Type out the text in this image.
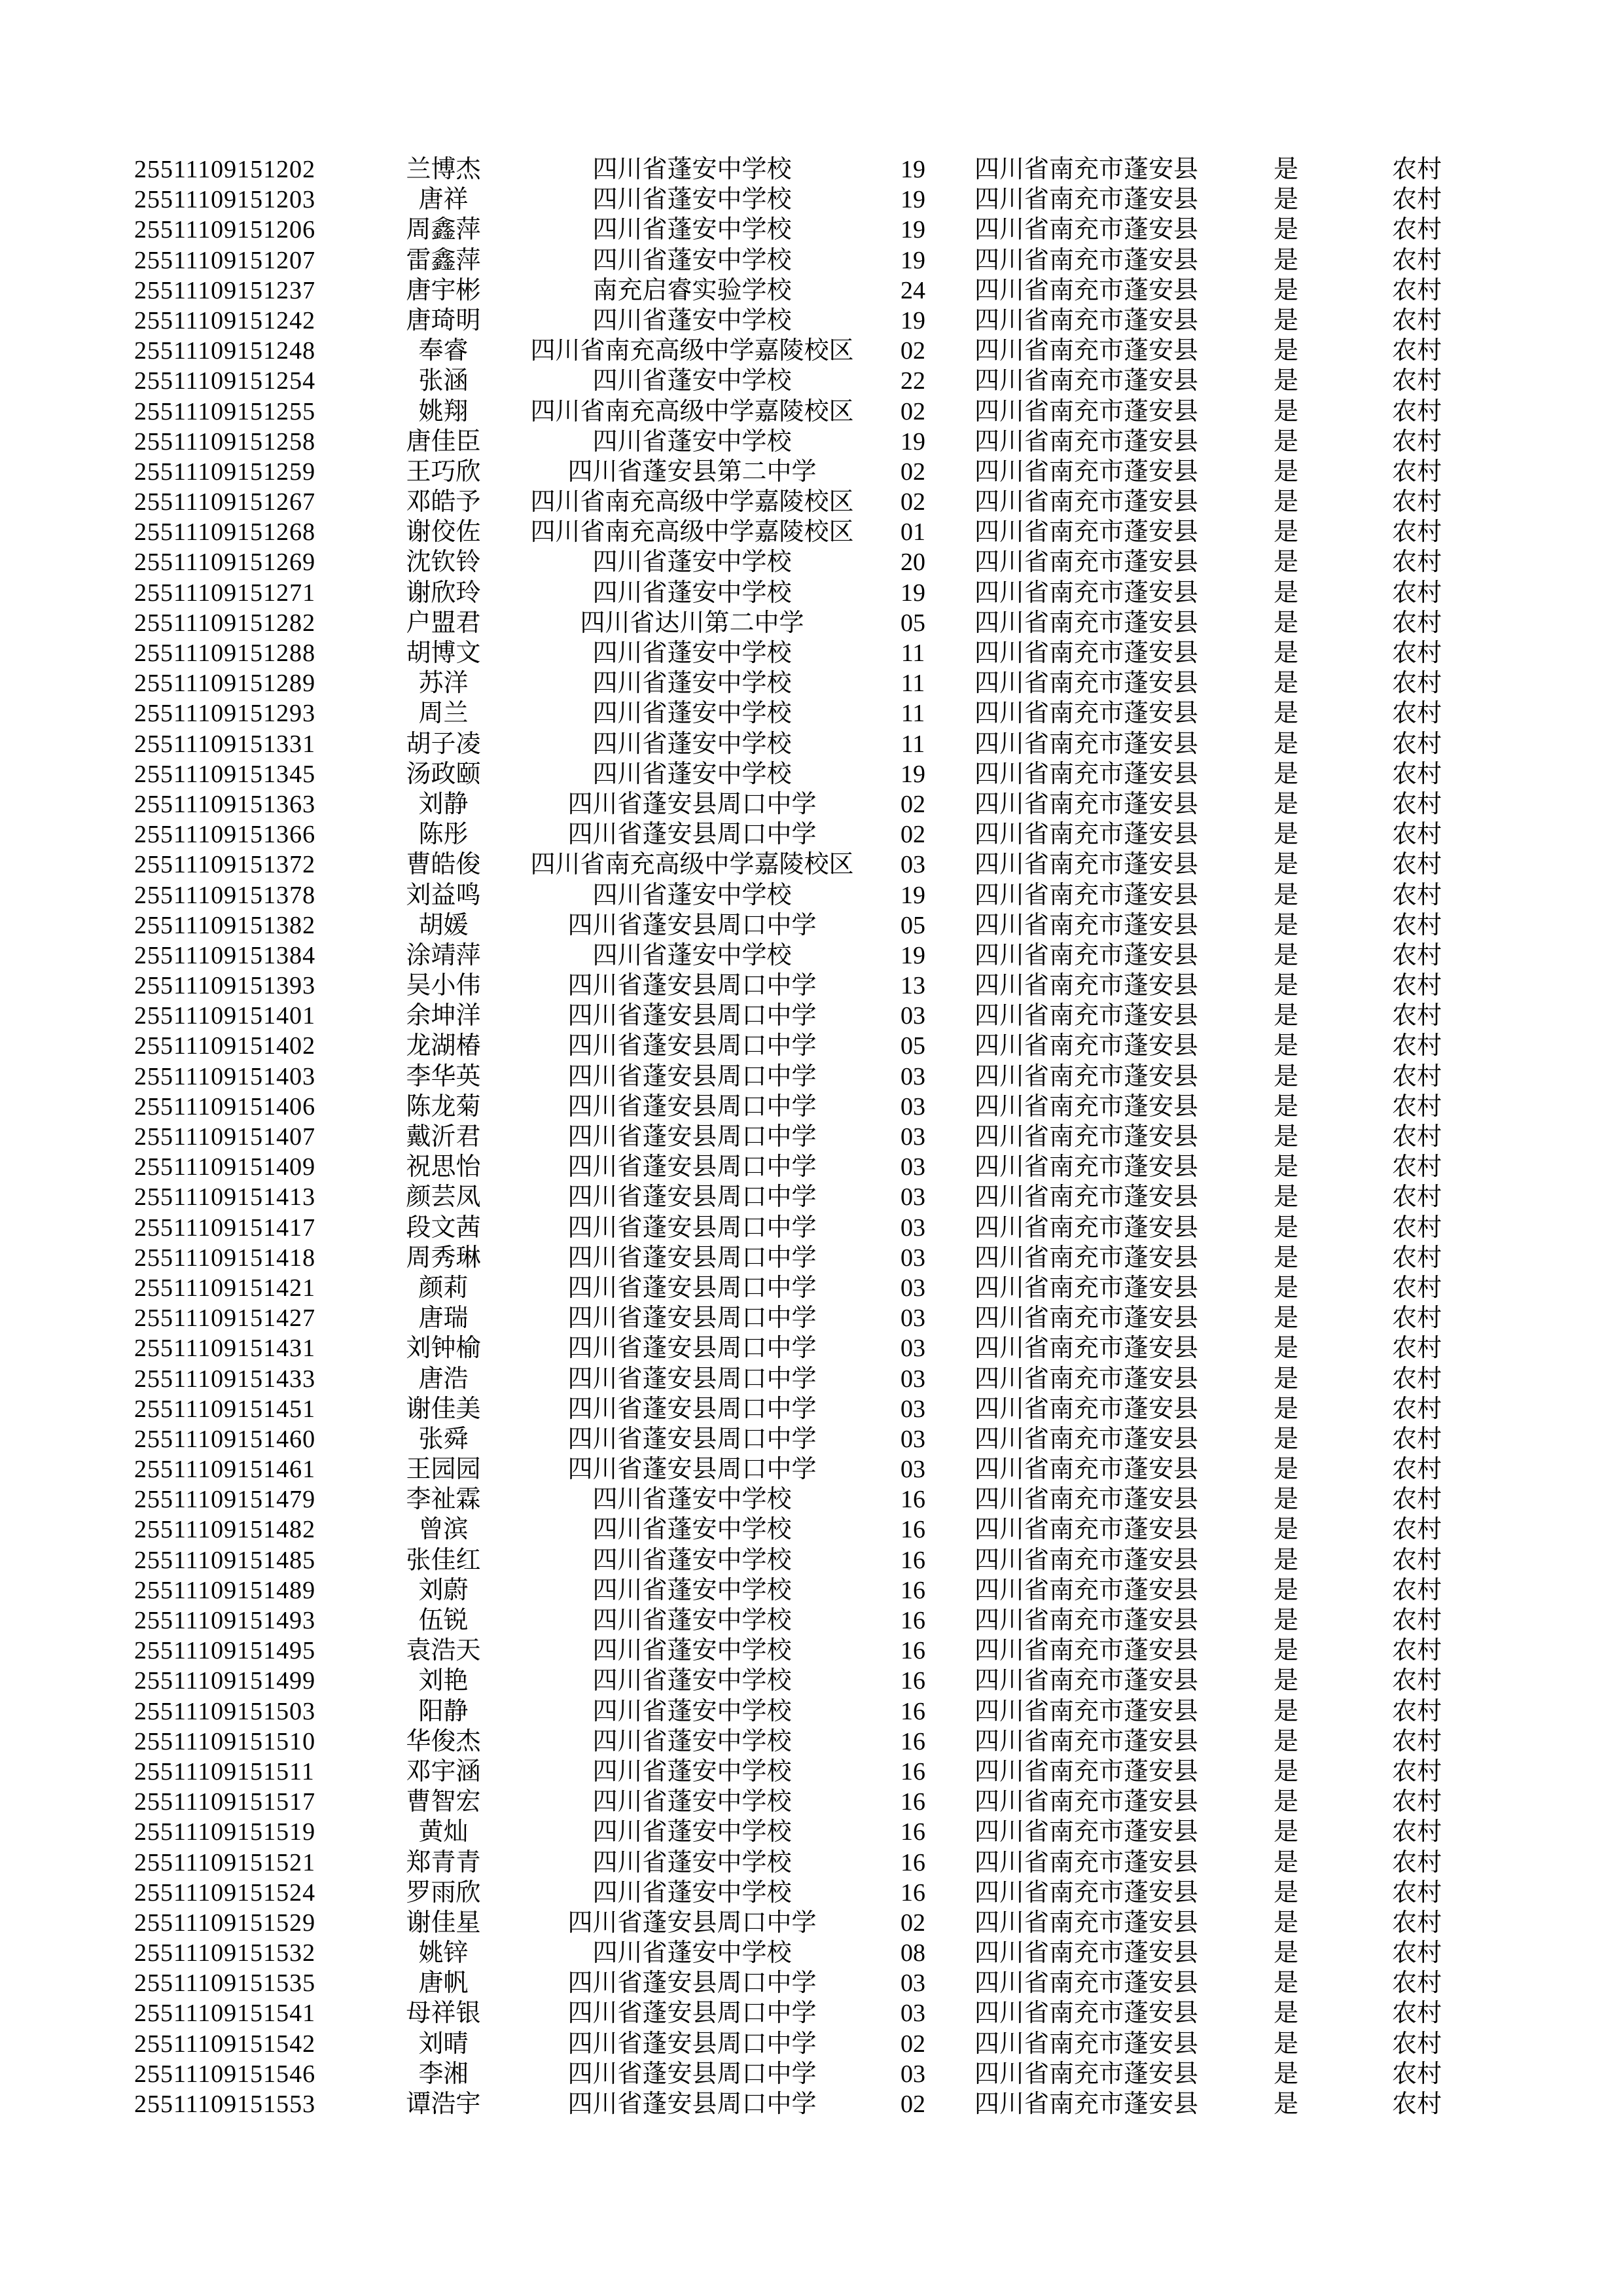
25511109151202	兰博杰	四川省蓬安中学校	19	四川省南充市蓬安县	是	农村
25511109151203	唐祥	四川省蓬安中学校	19	四川省南充市蓬安县	是	农村
25511109151206	周鑫萍	四川省蓬安中学校	19	四川省南充市蓬安县	是	农村
25511109151207	雷鑫萍	四川省蓬安中学校	19	四川省南充市蓬安县	是	农村
25511109151237	唐宇彬	南充启睿实验学校	24	四川省南充市蓬安县	是	农村
25511109151242	唐琦明	四川省蓬安中学校	19	四川省南充市蓬安县	是	农村
25511109151248	奉睿	四川省南充高级中学嘉陵校区	02	四川省南充市蓬安县	是	农村
25511109151254	张涵	四川省蓬安中学校	22	四川省南充市蓬安县	是	农村
25511109151255	姚翔	四川省南充高级中学嘉陵校区	02	四川省南充市蓬安县	是	农村
25511109151258	唐佳臣	四川省蓬安中学校	19	四川省南充市蓬安县	是	农村
25511109151259	王巧欣	四川省蓬安县第二中学	02	四川省南充市蓬安县	是	农村
25511109151267	邓皓予	四川省南充高级中学嘉陵校区	02	四川省南充市蓬安县	是	农村
25511109151268	谢佼佐	四川省南充高级中学嘉陵校区	01	四川省南充市蓬安县	是	农村
25511109151269	沈钦铃	四川省蓬安中学校	20	四川省南充市蓬安县	是	农村
25511109151271	谢欣玲	四川省蓬安中学校	19	四川省南充市蓬安县	是	农村
25511109151282	户盟君	四川省达川第二中学	05	四川省南充市蓬安县	是	农村
25511109151288	胡博文	四川省蓬安中学校	11	四川省南充市蓬安县	是	农村
25511109151289	苏洋	四川省蓬安中学校	11	四川省南充市蓬安县	是	农村
25511109151293	周兰	四川省蓬安中学校	11	四川省南充市蓬安县	是	农村
25511109151331	胡子凌	四川省蓬安中学校	11	四川省南充市蓬安县	是	农村
25511109151345	汤政颐	四川省蓬安中学校	19	四川省南充市蓬安县	是	农村
25511109151363	刘静	四川省蓬安县周口中学	02	四川省南充市蓬安县	是	农村
25511109151366	陈彤	四川省蓬安县周口中学	02	四川省南充市蓬安县	是	农村
25511109151372	曹皓俊	四川省南充高级中学嘉陵校区	03	四川省南充市蓬安县	是	农村
25511109151378	刘益鸣	四川省蓬安中学校	19	四川省南充市蓬安县	是	农村
25511109151382	胡媛	四川省蓬安县周口中学	05	四川省南充市蓬安县	是	农村
25511109151384	涂靖萍	四川省蓬安中学校	19	四川省南充市蓬安县	是	农村
25511109151393	吴小伟	四川省蓬安县周口中学	13	四川省南充市蓬安县	是	农村
25511109151401	余坤洋	四川省蓬安县周口中学	03	四川省南充市蓬安县	是	农村
25511109151402	龙湖椿	四川省蓬安县周口中学	05	四川省南充市蓬安县	是	农村
25511109151403	李华英	四川省蓬安县周口中学	03	四川省南充市蓬安县	是	农村
25511109151406	陈龙菊	四川省蓬安县周口中学	03	四川省南充市蓬安县	是	农村
25511109151407	戴沂君	四川省蓬安县周口中学	03	四川省南充市蓬安县	是	农村
25511109151409	祝思怡	四川省蓬安县周口中学	03	四川省南充市蓬安县	是	农村
25511109151413	颜芸凤	四川省蓬安县周口中学	03	四川省南充市蓬安县	是	农村
25511109151417	段文茜	四川省蓬安县周口中学	03	四川省南充市蓬安县	是	农村
25511109151418	周秀琳	四川省蓬安县周口中学	03	四川省南充市蓬安县	是	农村
25511109151421	颜莉	四川省蓬安县周口中学	03	四川省南充市蓬安县	是	农村
25511109151427	唐瑞	四川省蓬安县周口中学	03	四川省南充市蓬安县	是	农村
25511109151431	刘钟榆	四川省蓬安县周口中学	03	四川省南充市蓬安县	是	农村
25511109151433	唐浩	四川省蓬安县周口中学	03	四川省南充市蓬安县	是	农村
25511109151451	谢佳美	四川省蓬安县周口中学	03	四川省南充市蓬安县	是	农村
25511109151460	张舜	四川省蓬安县周口中学	03	四川省南充市蓬安县	是	农村
25511109151461	王园园	四川省蓬安县周口中学	03	四川省南充市蓬安县	是	农村
25511109151479	李祉霖	四川省蓬安中学校	16	四川省南充市蓬安县	是	农村
25511109151482	曾滨	四川省蓬安中学校	16	四川省南充市蓬安县	是	农村
25511109151485	张佳红	四川省蓬安中学校	16	四川省南充市蓬安县	是	农村
25511109151489	刘蔚	四川省蓬安中学校	16	四川省南充市蓬安县	是	农村
25511109151493	伍锐	四川省蓬安中学校	16	四川省南充市蓬安县	是	农村
25511109151495	袁浩天	四川省蓬安中学校	16	四川省南充市蓬安县	是	农村
25511109151499	刘艳	四川省蓬安中学校	16	四川省南充市蓬安县	是	农村
25511109151503	阳静	四川省蓬安中学校	16	四川省南充市蓬安县	是	农村
25511109151510	华俊杰	四川省蓬安中学校	16	四川省南充市蓬安县	是	农村
25511109151511	邓宇涵	四川省蓬安中学校	16	四川省南充市蓬安县	是	农村
25511109151517	曹智宏	四川省蓬安中学校	16	四川省南充市蓬安县	是	农村
25511109151519	黄灿	四川省蓬安中学校	16	四川省南充市蓬安县	是	农村
25511109151521	郑青青	四川省蓬安中学校	16	四川省南充市蓬安县	是	农村
25511109151524	罗雨欣	四川省蓬安中学校	16	四川省南充市蓬安县	是	农村
25511109151529	谢佳星	四川省蓬安县周口中学	02	四川省南充市蓬安县	是	农村
25511109151532	姚锌	四川省蓬安中学校	08	四川省南充市蓬安县	是	农村
25511109151535	唐帆	四川省蓬安县周口中学	03	四川省南充市蓬安县	是	农村
25511109151541	母祥银	四川省蓬安县周口中学	03	四川省南充市蓬安县	是	农村
25511109151542	刘晴	四川省蓬安县周口中学	02	四川省南充市蓬安县	是	农村
25511109151546	李湘	四川省蓬安县周口中学	03	四川省南充市蓬安县	是	农村
25511109151553	谭浩宇	四川省蓬安县周口中学	02	四川省南充市蓬安县	是	农村
